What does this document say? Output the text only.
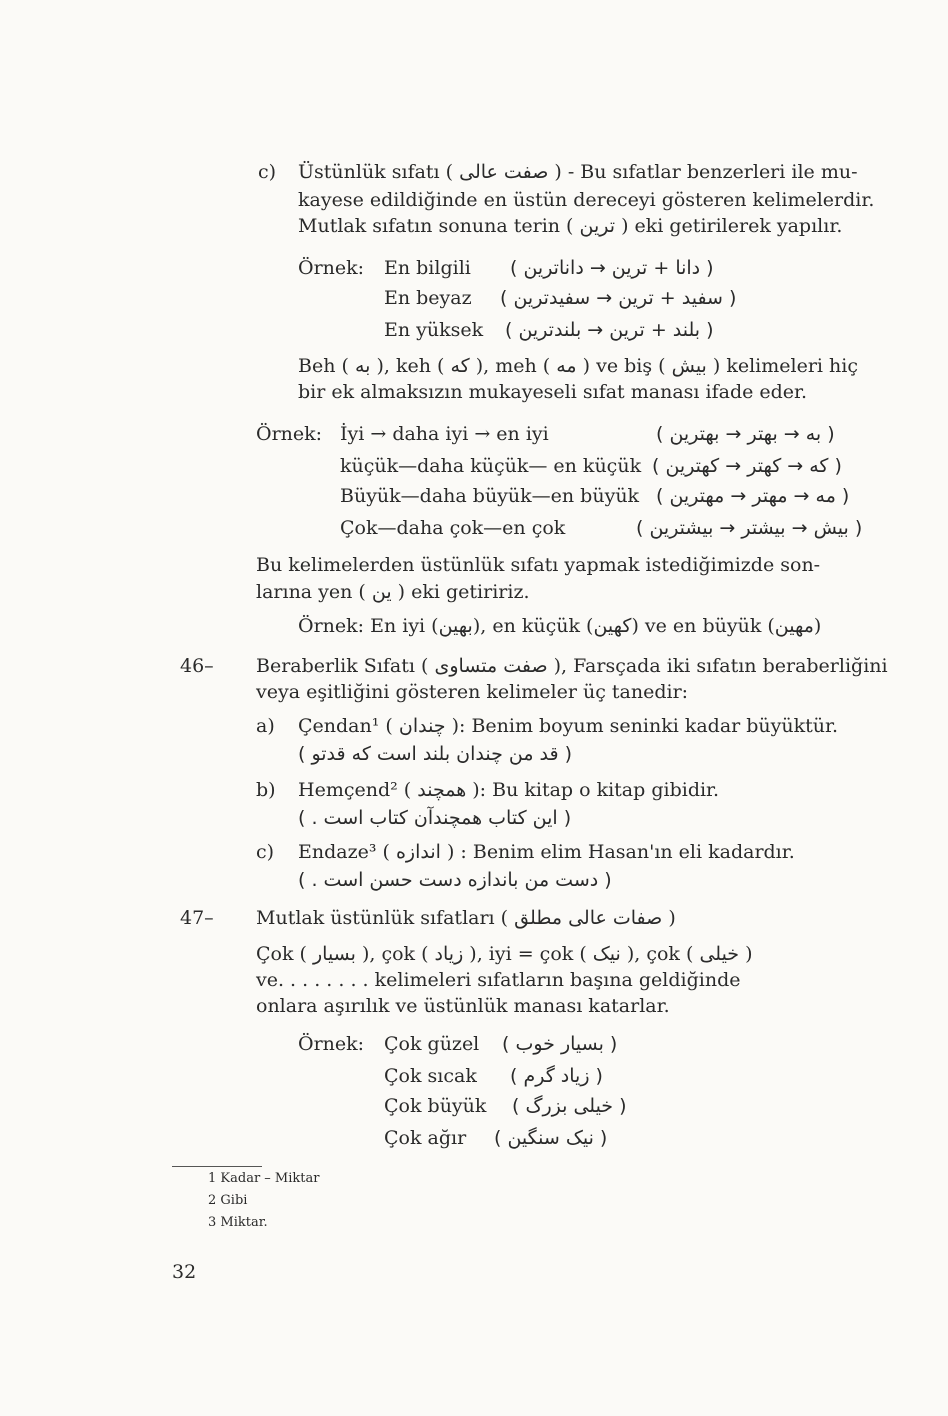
c) Üstünlük sıfatı ( صفت عالی ) - Bu sıfatlar benzerleri ile mu-
kayese edildiğinde en üstün dereceyi gösteren kelimelerdir.
Mutlak sıfatın sonuna terin ( ترین ) eki getirilerek yapılır.
Örnek: En bilgili ( دانا + ترین → داناترین )
En beyaz ( سفید + ترین → سفیدترین )
En yüksek ( بلند + ترین → بلندترین )
Beh ( به ), keh ( که ), meh ( مه ) ve biş ( بیش ) kelimeleri hiç
bir ek almaksızın mukayeseli sıfat manası ifade eder.
Örnek: İyi → daha iyi → en iyi	( به → بهتر → بهترین )
küçük—daha küçük— en küçük ( که → کهتر → کهترین )
Büyük—daha büyük—en büyük ( مه → مهتر → مهترین )
Çok—daha çok—en çok	( بیش → بیشتر → بیشترین )
Bu kelimelerden üstünlük sıfatı yapmak istediğimizde son-
larına yen ( ین ) eki getiririz.
Örnek: En iyi (بهین), en küçük (کهین) ve en büyük (مهین)
46– Beraberlik Sıfatı ( صفت متساوی ), Farsçada iki sıfatın beraberliğini
veya eşitliğini gösteren kelimeler üç tanedir:
a) Çendan¹ ( چندان ): Benim boyum seninki kadar büyüktür.
( قد من چندان بلند است که قدتو )
b) Hemçend² ( همچند ): Bu kitap o kitap gibidir.
( این کتاب همچندآن کتاب است . )
c) Endaze³ ( اندازه ) : Benim elim Hasan'ın eli kadardır.
( دست من باندازه دست حسن است . )
47– Mutlak üstünlük sıfatları ( صفات عالی مطلق )
Çok ( بسیار ), çok ( زیاد ), iyi = çok ( نیک ), çok ( خیلی )
ve. . . . . . . . kelimeleri sıfatların başına geldiğinde
onlara aşırılık ve üstünlük manası katarlar.
Örnek: Çok güzel ( بسیار خوب )
Çok sıcak ( زیاد گرم )
Çok büyük ( خیلی بزرگ )
Çok ağır ( نیک سنگین )
1 Kadar – Miktar
2 Gibi
3 Miktar.
32
